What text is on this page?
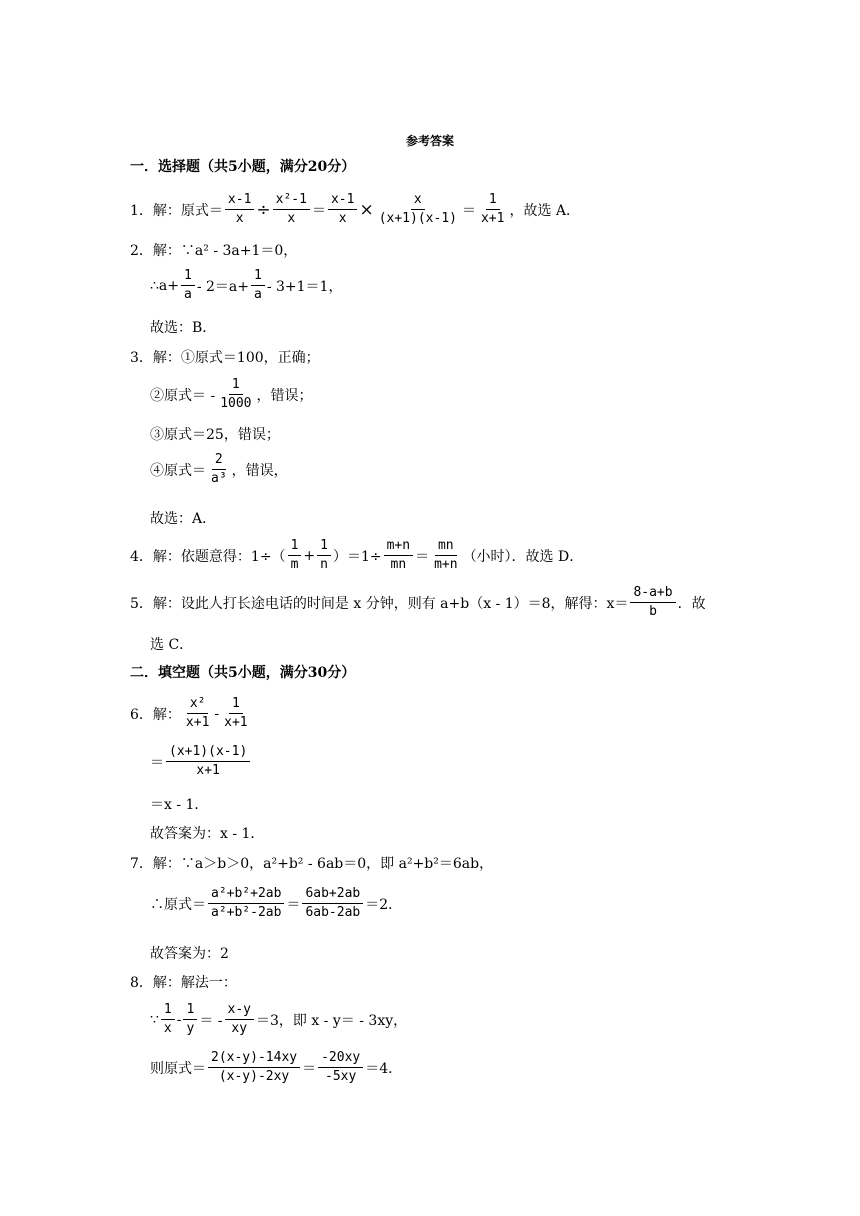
参考答案
一．选择题（共5小题，满分20分）
1． 解：原式＝ $\frac{x-1}{x} \div \frac{\text{x²-1}}{x} = \frac{x-1}{x} \times \frac{x}{(x+1)(x-1)} = \frac{1}{x+1}$ ，故选 A．
2． 解：∵a² - 3a+1＝0，
∴a+ $\frac{1}{a} - 2=a+ \frac{1}{a} - 3+1=1$，
故选：B．
3． 解：①原式＝100，正确；
②原式＝ - $\frac{1}{1000}$ ，错误；
③原式＝25，错误；
④原式＝ $\frac{2}{\text{a³}}$ ，错误，
故选：A．
4． 解：依题意得：$1\div( \frac{1}{m} + \frac{1}{n} )=1\div \frac{m+n}{mn} = \frac{mn}{m+n}$ （小时）．故选 D．
5． 解：设此人打长途电话的时间是 x 分钟，则有 a+b（x - 1）＝8，解得：$x= \frac{8-a+b}{b}$ ．故
选 C．
二．填空题（共5小题，满分30分）
6． 解： $\frac{\text{x²}}{x+1} - \frac{1}{x+1}$
＝ $\frac{(x+1)(x-1)}{x+1}$
＝x - 1．
故答案为：x - 1．
7． 解：∵a＞b＞0，a²+b² - 6ab＝0，即 a²+b²＝6ab，
∴原式＝ $\frac{\text{a²+b²+2ab}}{\text{a²+b²-2ab}} = \frac{6ab+2ab}{6ab-2ab} =2$．
故答案为：2
8． 解：解法一：
∵ $\frac{1}{x} - \frac{1}{y}$ ＝ - $\frac{x-y}{xy} =3$，即 x - y＝ - 3xy，
则原式＝ $\frac{2(x-y)-14xy}{(x-y)-2xy} = \frac{-20xy}{-5xy} =4$．
